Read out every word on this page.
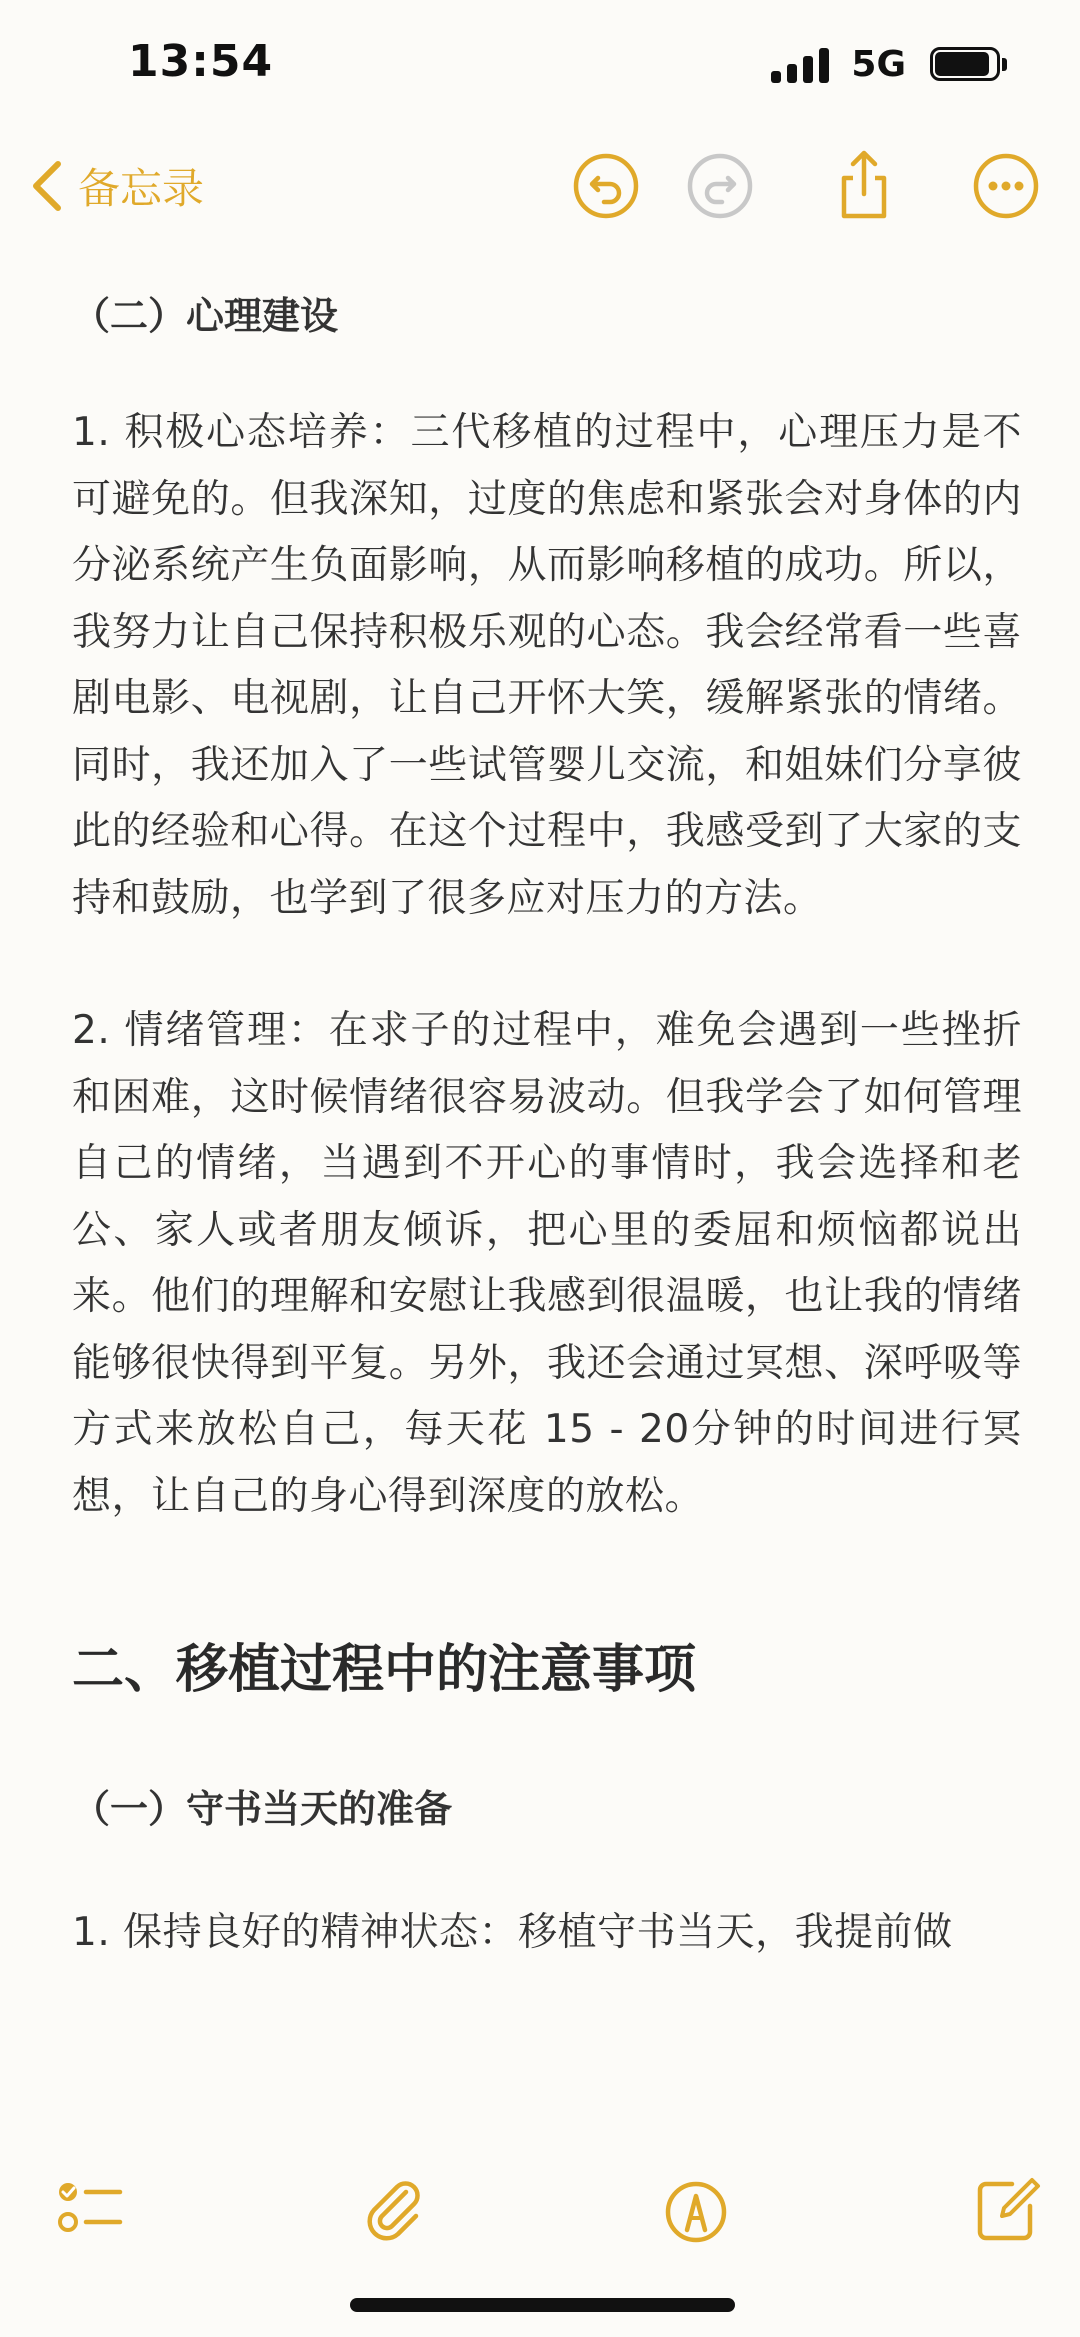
13:54	5G
备忘录
（二）心理建设

1. 积极心态培养：三代移植的过程中，心理压力是不可避免的。但我深知，过度的焦虑和紧张会对身体的内分泌系统产生负面影响，从而影响移植的成功。所以，我努力让自己保持积极乐观的心态。我会经常看一些喜剧电影、电视剧，让自己开怀大笑，缓解紧张的情绪。同时，我还加入了一些试管婴儿交流，和姐妹们分享彼此的经验和心得。在这个过程中，我感受到了大家的支持和鼓励，也学到了很多应对压力的方法。

2. 情绪管理：在求子的过程中，难免会遇到一些挫折和困难，这时候情绪很容易波动。但我学会了如何管理自己的情绪，当遇到不开心的事情时，我会选择和老公、家人或者朋友倾诉，把心里的委屈和烦恼都说出来。他们的理解和安慰让我感到很温暖，也让我的情绪能够很快得到平复。另外，我还会通过冥想、深呼吸等方式来放松自己，每天花 15 - 20分钟的时间进行冥想，让自己的身心得到深度的放松。

二、移植过程中的注意事项
（一）守书当天的准备

1. 保持良好的精神状态：移植守书当天，我提前做
